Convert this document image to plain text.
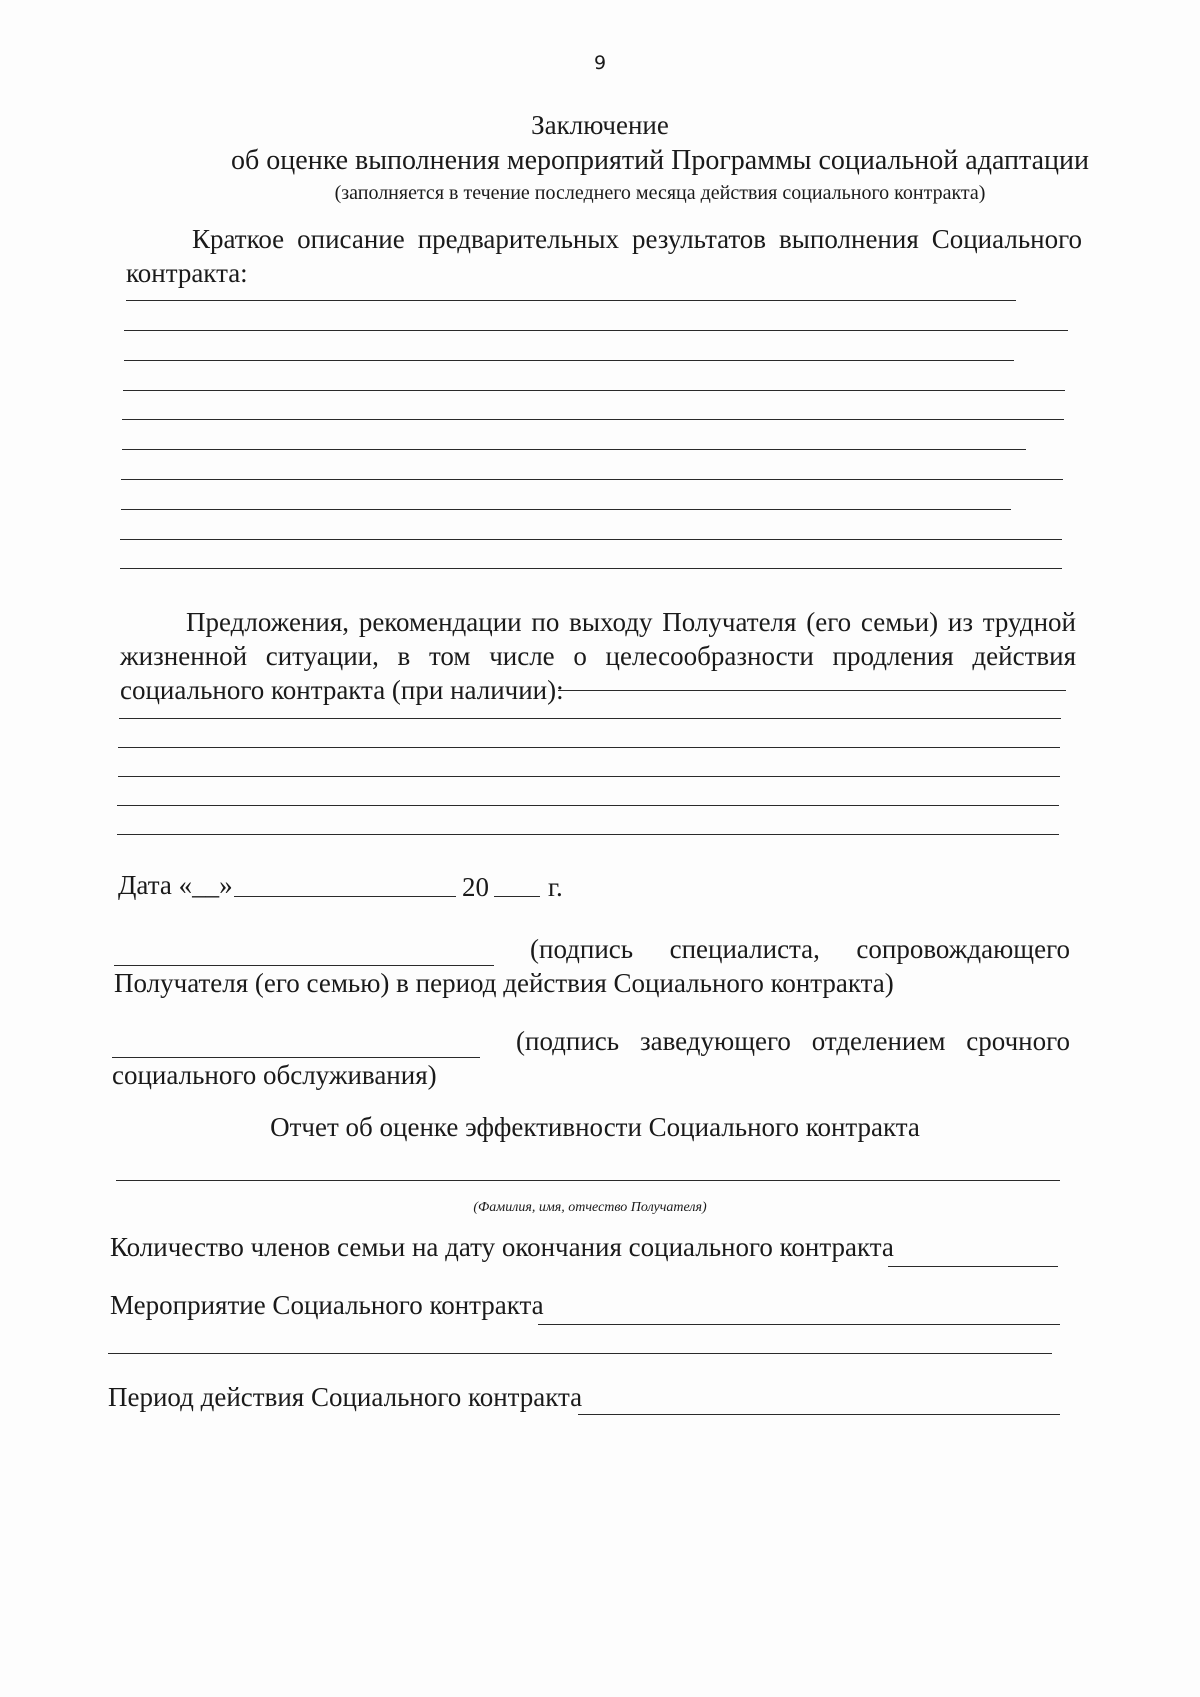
9
Заключение
об оценке выполнения мероприятий Программы социальной адаптации
(заполняется в течение последнего месяца действия социального контракта)
Краткое описание предварительных результатов выполнения Социального
контракта:
Предложения, рекомендации по выходу Получателя (его семьи) из трудной
жизненной ситуации, в том числе о целесообразности продления действия
социального контракта (при наличии):
Дата «__»	20 г.
(подпись специалиста, сопровождающего
Получателя (его семью) в период действия Социального контракта)
(подпись заведующего отделением срочного
социального обслуживания)
Отчет об оценке эффективности Социального контракта
(Фамилия, имя, отчество Получателя)
Количество членов семьи на дату окончания социального контракта
Мероприятие Социального контракта
Период действия Социального контракта
